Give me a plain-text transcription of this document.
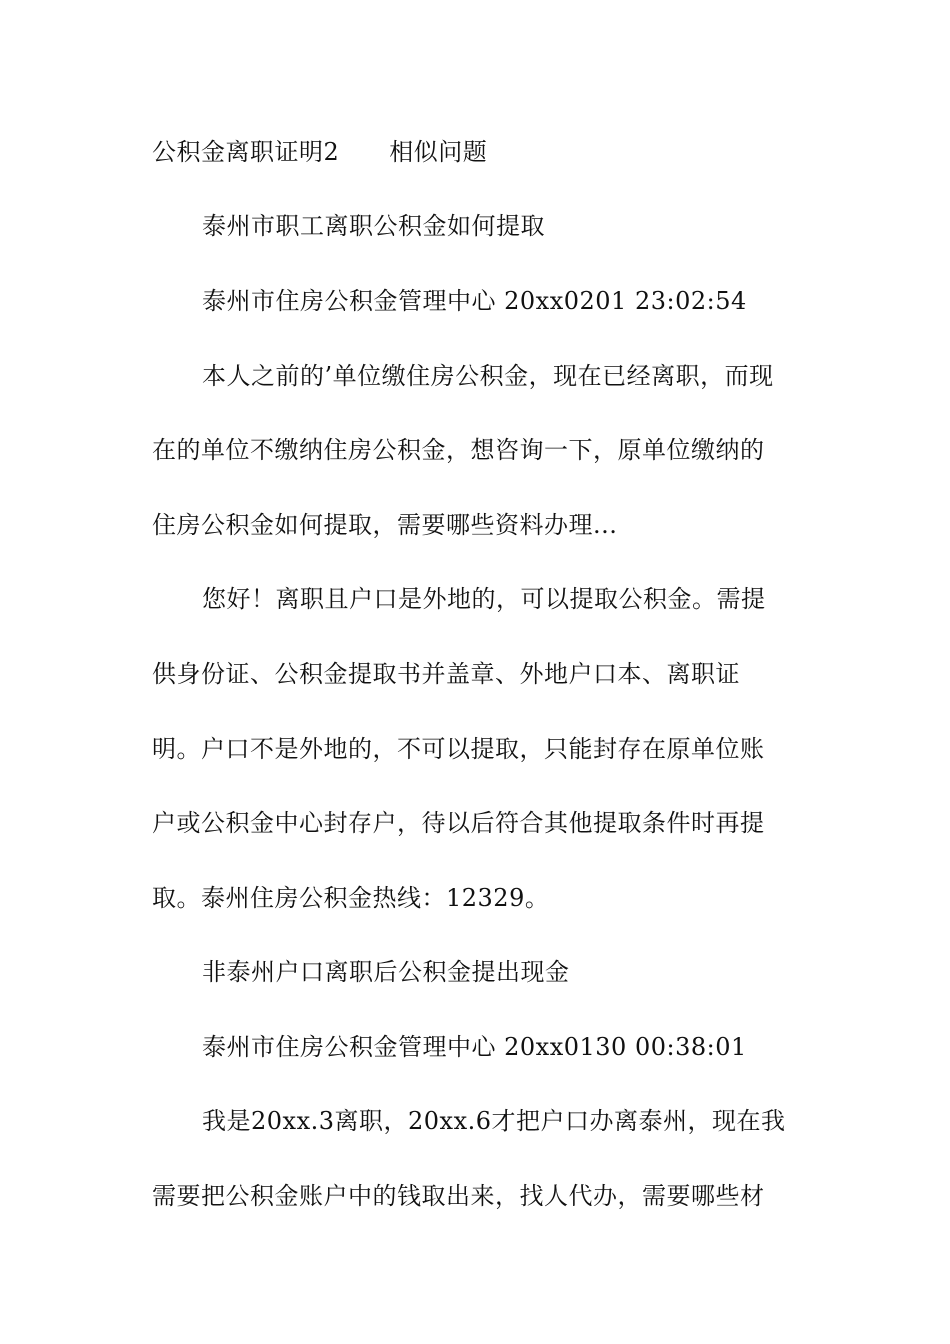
公积金离职证明2 相似问题
泰州市职工离职公积金如何提取
泰州市住房公积金管理中心 20xx0201 23:02:54
本人之前的’单位缴住房公积金，现在已经离职，而现
在的单位不缴纳住房公积金，想咨询一下，原单位缴纳的
住房公积金如何提取，需要哪些资料办理...
您好！离职且户口是外地的，可以提取公积金。需提
供身份证、公积金提取书并盖章、外地户口本、离职证
明。户口不是外地的，不可以提取，只能封存在原单位账
户或公积金中心封存户，待以后符合其他提取条件时再提
取。泰州住房公积金热线：12329。
非泰州户口离职后公积金提出现金
泰州市住房公积金管理中心 20xx0130 00:38:01
我是20xx.3离职，20xx.6才把户口办离泰州，现在我
需要把公积金账户中的钱取出来，找人代办，需要哪些材
